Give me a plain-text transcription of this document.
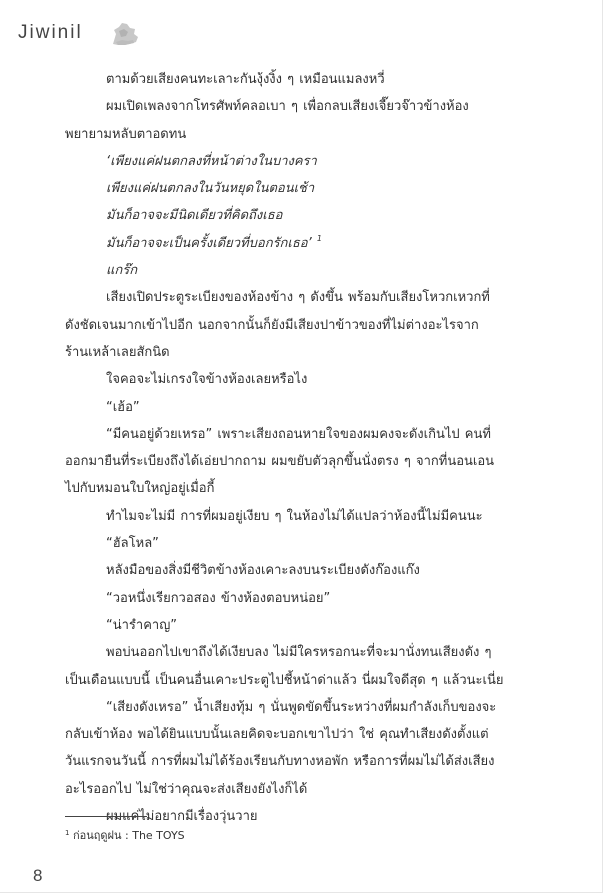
Jiwinil
ตามด้วยเสียงคนทะเลาะกันงุ้งงิ้ง ๆ เหมือนแมลงหวี่
ผมเปิดเพลงจากโทรศัพท์คลอเบา ๆ เพื่อกลบเสียงเจี๊ยวจ๊าวข้างห้อง
พยายามหลับตาอดทน
‘เพียงแค่ฝนตกลงที่หน้าต่างในบางครา
เพียงแค่ฝนตกลงในวันหยุดในตอนเช้า
มันก็อาจจะมีนิดเดียวที่คิดถึงเธอ
มันก็อาจจะเป็นครั้งเดียวที่บอกรักเธอ’ $^1$
แกร๊ก
เสียงเปิดประตูระเบียงของห้องข้าง ๆ ดังขึ้น พร้อมกับเสียงโหวกเหวกที่
ดังชัดเจนมากเข้าไปอีก นอกจากนั้นก็ยังมีเสียงปาข้าวของที่ไม่ต่างอะไรจาก
ร้านเหล้าเลยสักนิด
ใจคอจะไม่เกรงใจข้างห้องเลยหรือไง
“เฮ้อ”
“มีคนอยู่ด้วยเหรอ” เพราะเสียงถอนหายใจของผมคงจะดังเกินไป คนที่
ออกมายืนที่ระเบียงถึงได้เอ่ยปากถาม ผมขยับตัวลุกขึ้นนั่งตรง ๆ จากที่นอนเอน
ไปกับหมอนใบใหญ่อยู่เมื่อกี้
ทำไมจะไม่มี การที่ผมอยู่เงียบ ๆ ในห้องไม่ได้แปลว่าห้องนี้ไม่มีคนนะ
“ฮัลโหล”
หลังมือของสิ่งมีชีวิตข้างห้องเคาะลงบนระเบียงดังก๊องแก๊ง
“วอหนึ่งเรียกวอสอง ข้างห้องตอบหน่อย”
“น่ารำคาญ”
พอบ่นออกไปเขาถึงได้เงียบลง ไม่มีใครหรอกนะที่จะมานั่งทนเสียงดัง ๆ
เป็นเดือนแบบนี้ เป็นคนอื่นเคาะประตูไปชี้หน้าด่าแล้ว นี่ผมใจดีสุด ๆ แล้วนะเนี่ย
“เสียงดังเหรอ” น้ำเสียงทุ้ม ๆ นั่นพูดขัดขึ้นระหว่างที่ผมกำลังเก็บของจะ
กลับเข้าห้อง พอได้ยินแบบนั้นเลยคิดจะบอกเขาไปว่า ใช่ คุณทำเสียงดังตั้งแต่
วันแรกจนวันนี้ การที่ผมไม่ได้ร้องเรียนกับทางหอพัก หรือการที่ผมไม่ได้ส่งเสียง
อะไรออกไป ไม่ใช่ว่าคุณจะส่งเสียงยังไงก็ได้
ผมแค่ไม่อยากมีเรื่องวุ่นวาย
$^1$ ก่อนฤดูฝน : The TOYS
8
